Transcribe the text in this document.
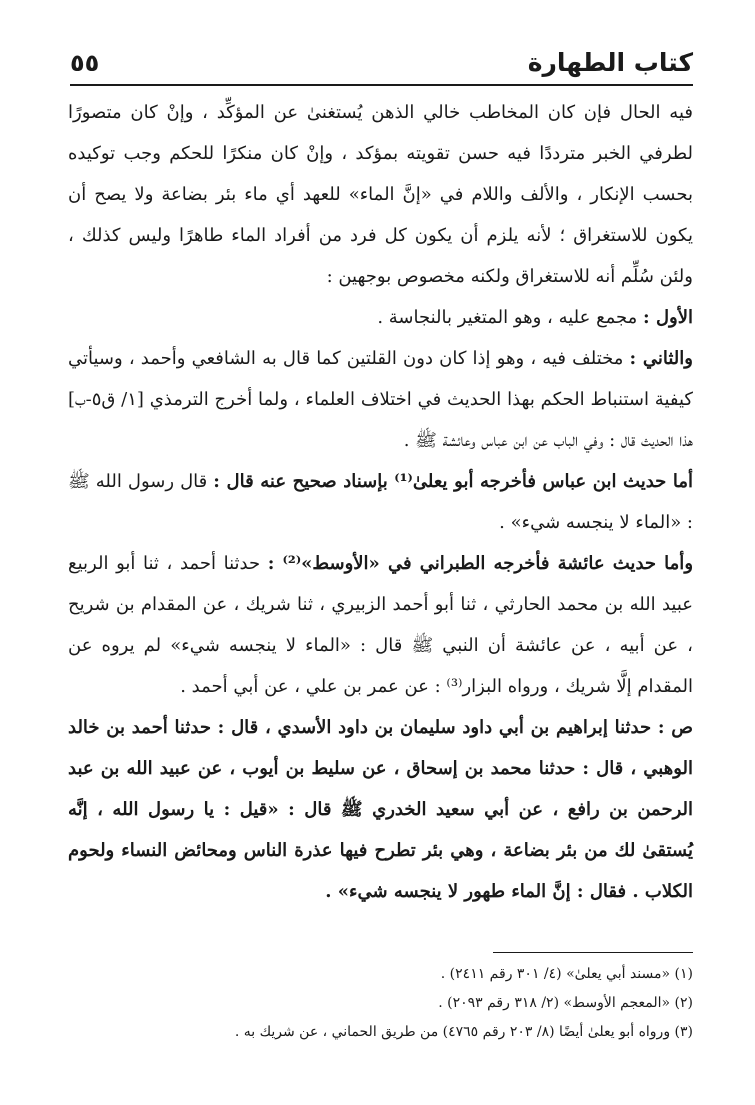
كتاب الطهارة
٥٥

فيه الحال فإن كان المخاطب خالي الذهن يُستغنىٰ عن المؤكِّد ، وإنْ كان متصورًا لطرفي الخبر مترددًا فيه حسن تقويته بمؤكد ، وإنْ كان منكرًا للحكم وجب توكيده بحسب الإنكار ، والألف واللام في «إنَّ الماء» للعهد أي ماء بئر بضاعة ولا يصح أن يكون للاستغراق ؛ لأنه يلزم أن يكون كل فرد من أفراد الماء طاهرًا وليس كذلك ، ولئن سُلِّم أنه للاستغراق ولكنه مخصوص بوجهين :

الأول : مجمع عليه ، وهو المتغير بالنجاسة .

والثاني : مختلف فيه ، وهو إذا كان دون القلتين كما قال به الشافعي وأحمد ، وسيأتي كيفية استنباط الحكم بهذا الحديث في اختلاف العلماء ، ولما أخرج الترمذي [١/ ق٥-ب] هذا الحديث قال : وفي الباب عن ابن عباس وعائشة ﷺ .

أما حديث ابن عباس فأخرجه أبو يعلىٰ⁽¹⁾ بإسناد صحيح عنه قال : قال رسول الله ﷺ : «الماء لا ينجسه شيء» .

وأما حديث عائشة فأخرجه الطبراني في «الأوسط»⁽²⁾ : حدثنا أحمد ، ثنا أبو الربيع عبيد الله بن محمد الحارثي ، ثنا أبو أحمد الزبيري ، ثنا شريك ، عن المقدام بن شريح ، عن أبيه ، عن عائشة أن النبي ﷺ قال : «الماء لا ينجسه شيء» لم يروه عن المقدام إلَّا شريك ، ورواه البزار⁽³⁾ : عن عمر بن علي ، عن أبي أحمد .

ص : حدثنا إبراهيم بن أبي داود سليمان بن داود الأسدي ، قال : حدثنا أحمد بن خالد الوهبي ، قال : حدثنا محمد بن إسحاق ، عن سليط بن أيوب ، عن عبيد الله بن عبد الرحمن بن رافع ، عن أبي سعيد الخدري ﷺ قال : «قيل : يا رسول الله ، إنَّه يُستقىٰ لك من بئر بضاعة ، وهي بئر تطرح فيها عذرة الناس ومحائض النساء ولحوم الكلاب . فقال : إنَّ الماء طهور لا ينجسه شيء» .

(١) «مسند أبي يعلىٰ» (٤/ ٣٠١ رقم ٢٤١١) .

(٢) «المعجم الأوسط» (٢/ ٣١٨ رقم ٢٠٩٣) .

(٣) ورواه أبو يعلىٰ أيضًا (٨/ ٢٠٣ رقم ٤٧٦٥) من طريق الحماني ، عن شريك به .
